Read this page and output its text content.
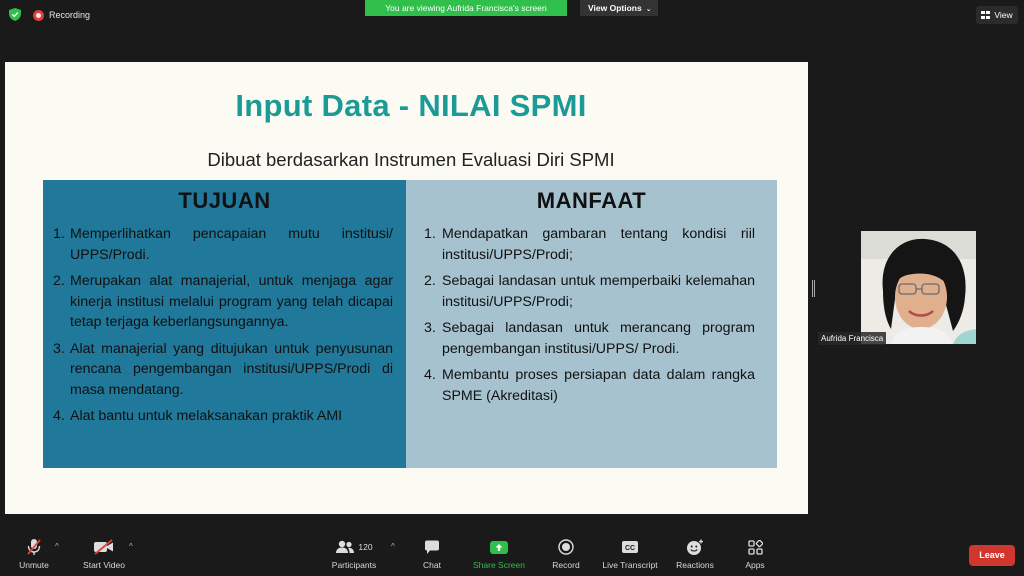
Recording
You are viewing Aufrida Francisca's screen	View Options ⌄
View
Input Data - NILAI SPMI
Dibuat berdasarkan Instrumen Evaluasi Diri SPMI
TUJUAN
1. Memperlihatkan pencapaian mutu institusi/ UPPS/Prodi.
2. Merupakan alat manajerial, untuk menjaga agar kinerja institusi melalui program yang telah dicapai tetap terjaga keberlangsungannya.
3. Alat manajerial yang ditujukan untuk penyusunan rencana pengembangan institusi/UPPS/Prodi di masa mendatang.
4. Alat bantu untuk melaksanakan praktik AMI
MANFAAT
1. Mendapatkan gambaran tentang kondisi riil institusi/UPPS/Prodi;
2. Sebagai landasan untuk memperbaiki kelemahan institusi/UPPS/Prodi;
3. Sebagai landasan untuk merancang program pengembangan institusi/UPPS/ Prodi.
4. Membantu proses persiapan data dalam rangka SPME (Akreditasi)
Aufrida Francisca
Unmute
^
Start Video
^	120
Participants
^
Chat	Share Screen	Record
CC
Live Transcript	Reactions	Apps
Leave
